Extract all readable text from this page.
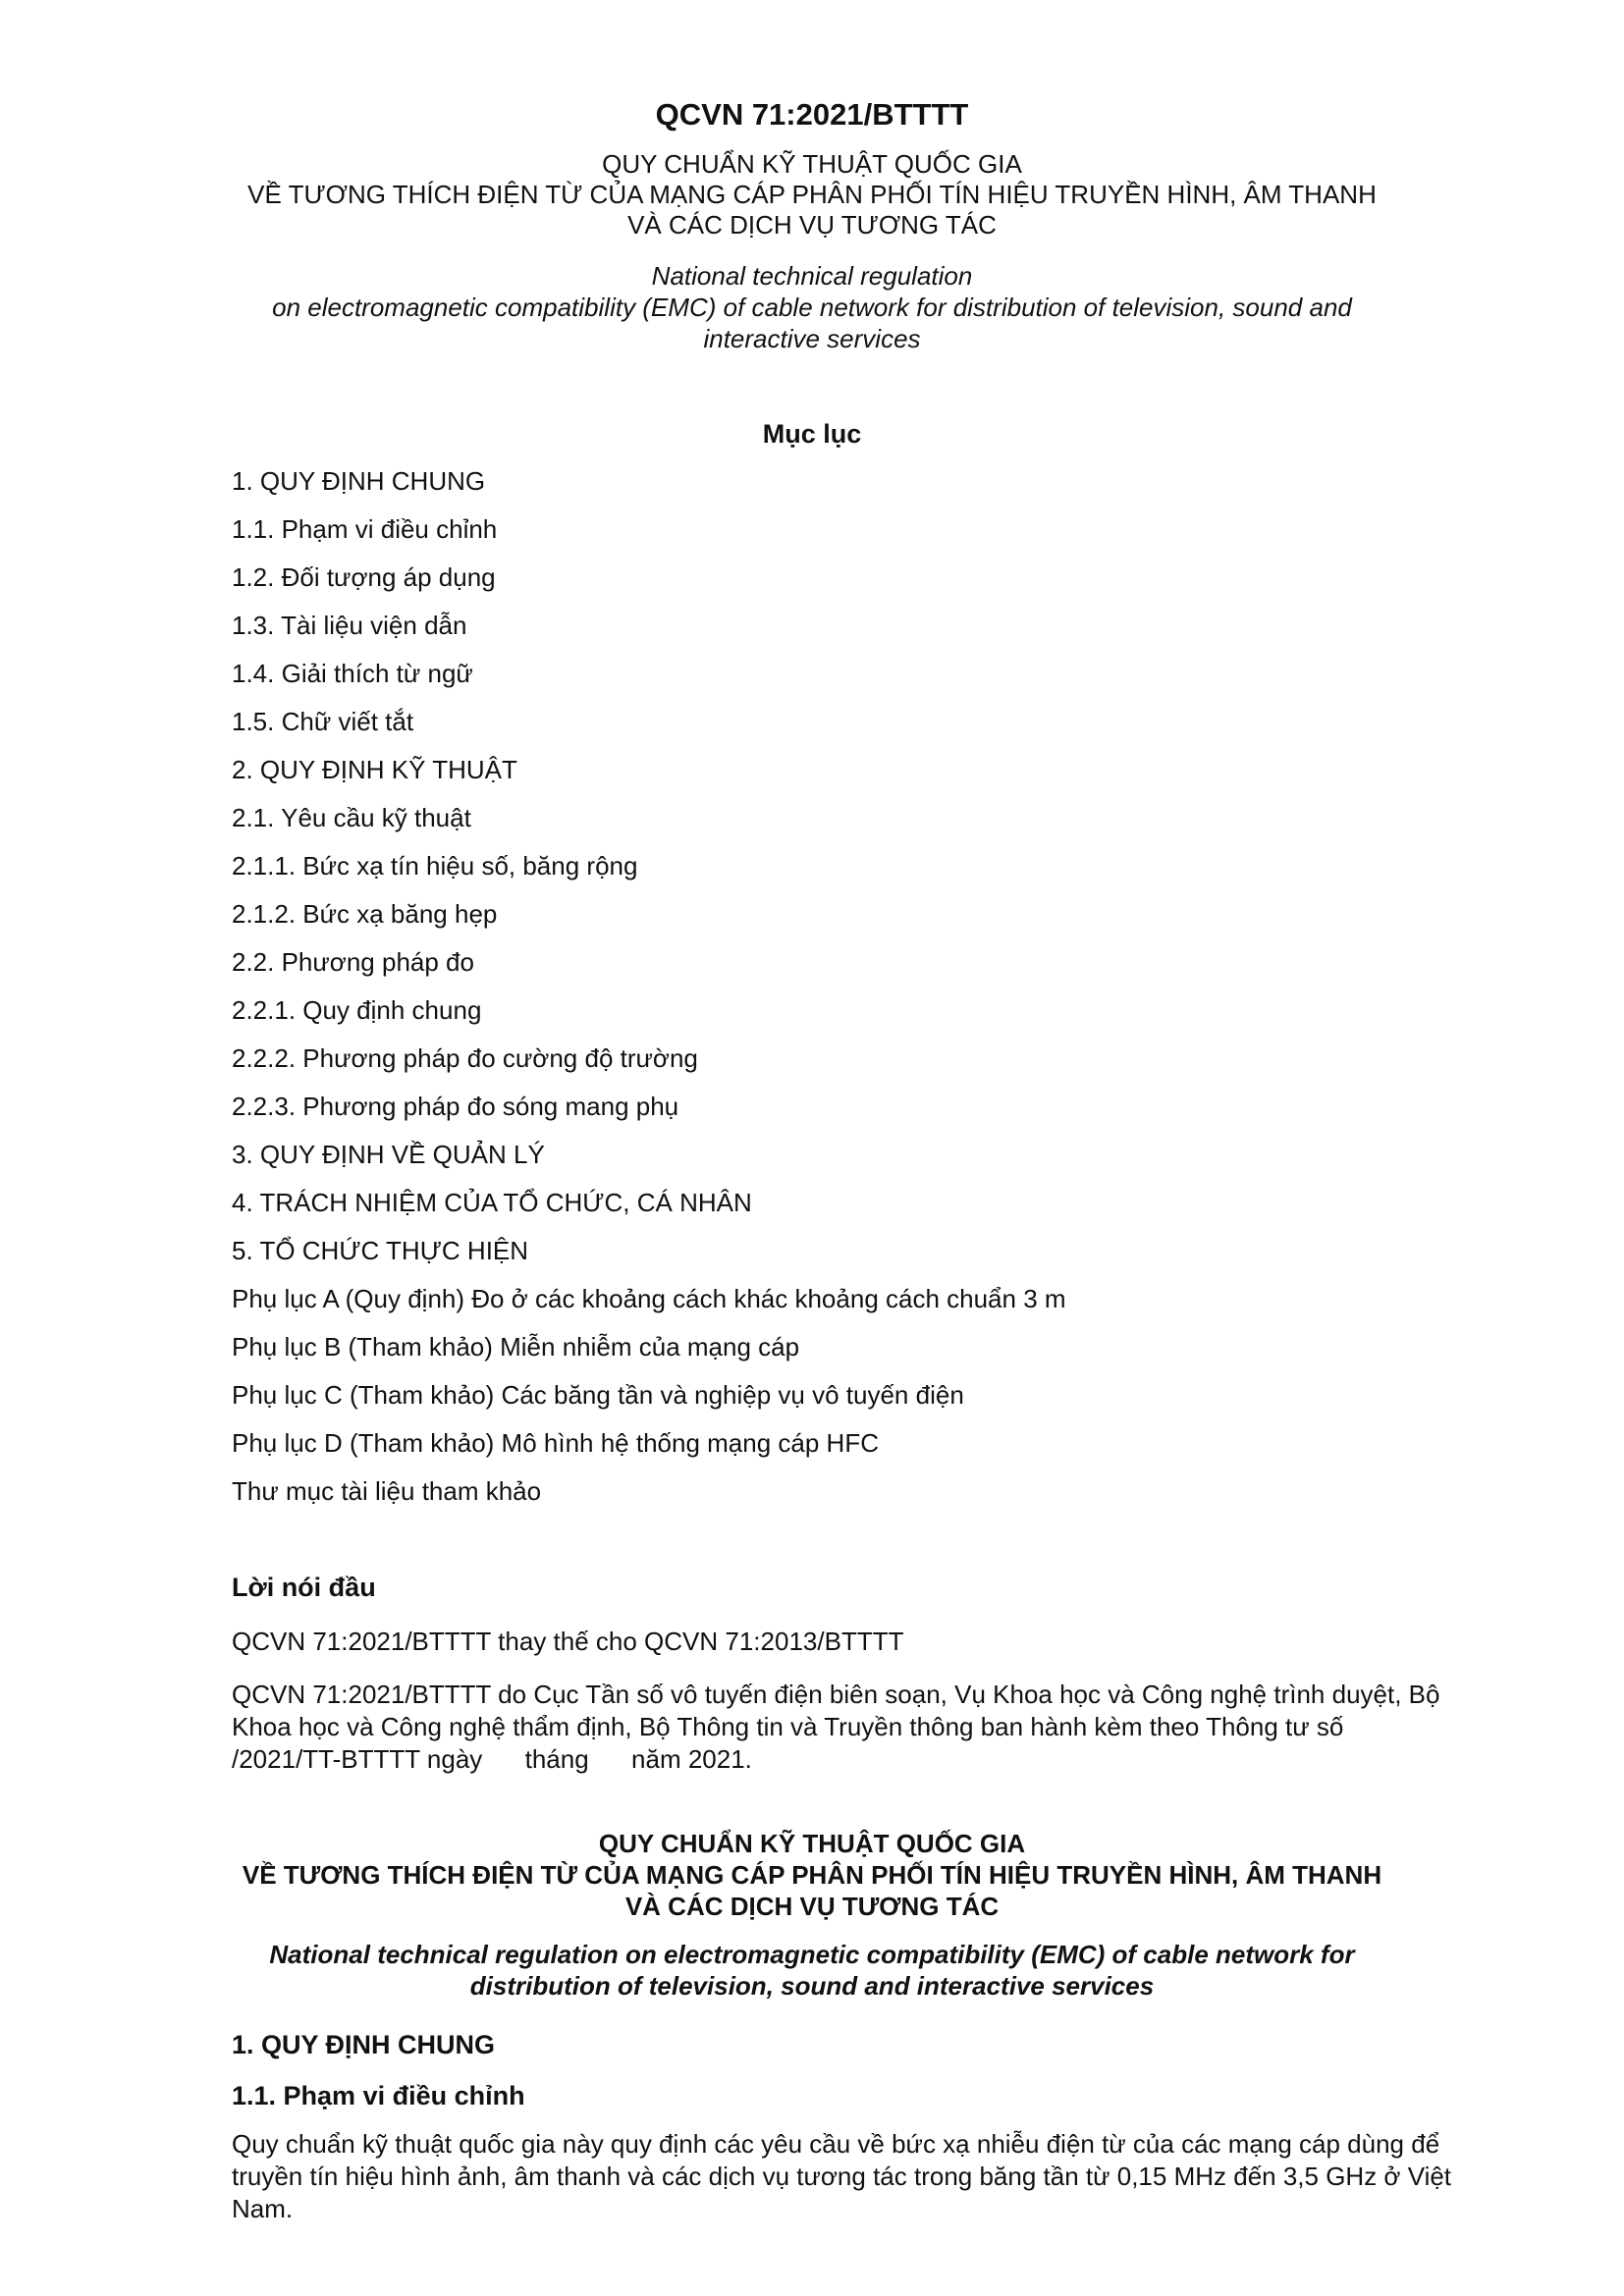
QCVN 71:2021/BTTTT
QUY CHUẨN KỸ THUẬT QUỐC GIA
VỀ TƯƠNG THÍCH ĐIỆN TỪ CỦA MẠNG CÁP PHÂN PHỐI TÍN HIỆU TRUYỀN HÌNH, ÂM THANH
VÀ CÁC DỊCH VỤ TƯƠNG TÁC
National technical regulation
on electromagnetic compatibility (EMC) of cable network for distribution of television, sound and
interactive services
Mục lục
1. QUY ĐỊNH CHUNG
1.1. Phạm vi điều chỉnh
1.2. Đối tượng áp dụng
1.3. Tài liệu viện dẫn
1.4. Giải thích từ ngữ
1.5. Chữ viết tắt
2. QUY ĐỊNH KỸ THUẬT
2.1. Yêu cầu kỹ thuật
2.1.1. Bức xạ tín hiệu số, băng rộng
2.1.2. Bức xạ băng hẹp
2.2. Phương pháp đo
2.2.1. Quy định chung
2.2.2. Phương pháp đo cường độ trường
2.2.3. Phương pháp đo sóng mang phụ
3. QUY ĐỊNH VỀ QUẢN LÝ
4. TRÁCH NHIỆM CỦA TỔ CHỨC, CÁ NHÂN
5. TỔ CHỨC THỰC HIỆN
Phụ lục A (Quy định) Đo ở các khoảng cách khác khoảng cách chuẩn 3 m
Phụ lục B (Tham khảo) Miễn nhiễm của mạng cáp
Phụ lục C (Tham khảo) Các băng tần và nghiệp vụ vô tuyến điện
Phụ lục D (Tham khảo) Mô hình hệ thống mạng cáp HFC
Thư mục tài liệu tham khảo
Lời nói đầu
QCVN 71:2021/BTTTT thay thế cho QCVN 71:2013/BTTTT
QCVN 71:2021/BTTTT do Cục Tần số vô tuyến điện biên soạn, Vụ Khoa học và Công nghệ trình duyệt, Bộ Khoa học và Công nghệ thẩm định, Bộ Thông tin và Truyền thông ban hành kèm theo Thông tư số     /2021/TT-BTTTT ngày      tháng      năm 2021.
QUY CHUẨN KỸ THUẬT QUỐC GIA
VỀ TƯƠNG THÍCH ĐIỆN TỪ CỦA MẠNG CÁP PHÂN PHỐI TÍN HIỆU TRUYỀN HÌNH, ÂM THANH
VÀ CÁC DỊCH VỤ TƯƠNG TÁC
National technical regulation on electromagnetic compatibility (EMC) of cable network for
distribution of television, sound and interactive services
1. QUY ĐỊNH CHUNG
1.1. Phạm vi điều chỉnh
Quy chuẩn kỹ thuật quốc gia này quy định các yêu cầu về bức xạ nhiễu điện từ của các mạng cáp dùng để truyền tín hiệu hình ảnh, âm thanh và các dịch vụ tương tác trong băng tần từ 0,15 MHz đến 3,5 GHz ở Việt Nam.
